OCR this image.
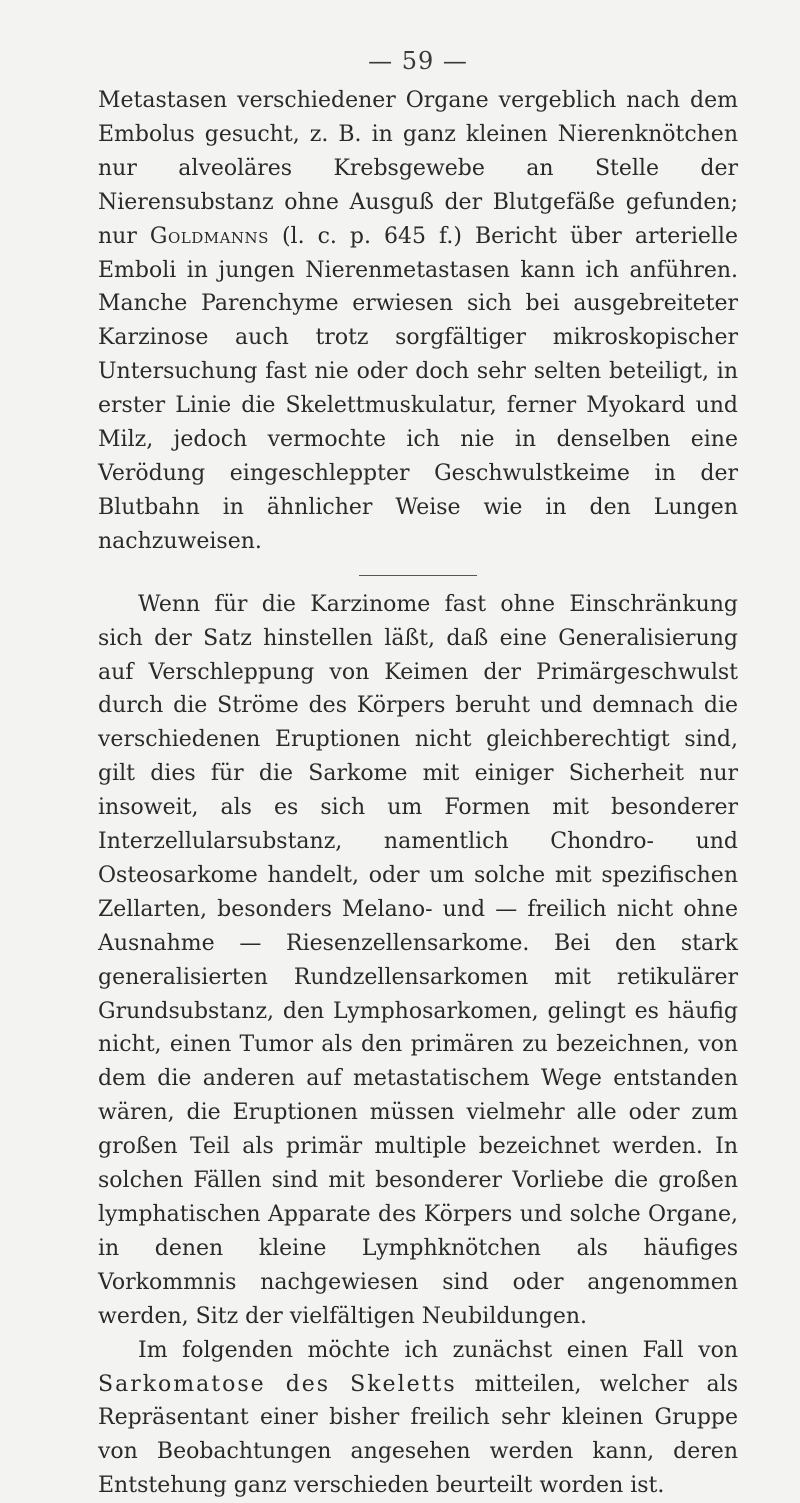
— 59 —

Metastasen verschiedener Organe vergeblich nach dem Embolus gesucht, z. B. in ganz kleinen Nierenknötchen nur alveoläres Krebsgewebe an Stelle der Nierensubstanz ohne Ausguß der Blutgefäße gefunden; nur Goldmanns (l. c. p. 645 f.) Bericht über arterielle Emboli in jungen Nierenmetastasen kann ich anführen. Manche Parenchyme erwiesen sich bei ausgebreiteter Karzinose auch trotz sorgfältiger mikroskopischer Untersuchung fast nie oder doch sehr selten beteiligt, in erster Linie die Skelettmuskulatur, ferner Myokard und Milz, jedoch vermochte ich nie in denselben eine Verödung eingeschleppter Geschwulstkeime in der Blutbahn in ähnlicher Weise wie in den Lungen nachzuweisen.

Wenn für die Karzinome fast ohne Einschränkung sich der Satz hinstellen läßt, daß eine Generalisierung auf Verschleppung von Keimen der Primärgeschwulst durch die Ströme des Körpers beruht und demnach die verschiedenen Eruptionen nicht gleichberechtigt sind, gilt dies für die Sarkome mit einiger Sicherheit nur insoweit, als es sich um Formen mit besonderer Interzellularsubstanz, namentlich Chondro- und Osteosarkome handelt, oder um solche mit spezifischen Zellarten, besonders Melano- und — freilich nicht ohne Ausnahme — Riesenzellensarkome. Bei den stark generalisierten Rundzellensarkomen mit retikulärer Grundsubstanz, den Lymphosarkomen, gelingt es häufig nicht, einen Tumor als den primären zu bezeichnen, von dem die anderen auf metastatischem Wege entstanden wären, die Eruptionen müssen vielmehr alle oder zum großen Teil als primär multiple bezeichnet werden. In solchen Fällen sind mit besonderer Vorliebe die großen lymphatischen Apparate des Körpers und solche Organe, in denen kleine Lymphknötchen als häufiges Vorkommnis nachgewiesen sind oder angenommen werden, Sitz der vielfältigen Neubildungen.

Im folgenden möchte ich zunächst einen Fall von Sarkomatose des Skeletts mitteilen, welcher als Repräsentant einer bisher freilich sehr kleinen Gruppe von Beobachtungen angesehen werden kann, deren Entstehung ganz verschieden beurteilt worden ist.
